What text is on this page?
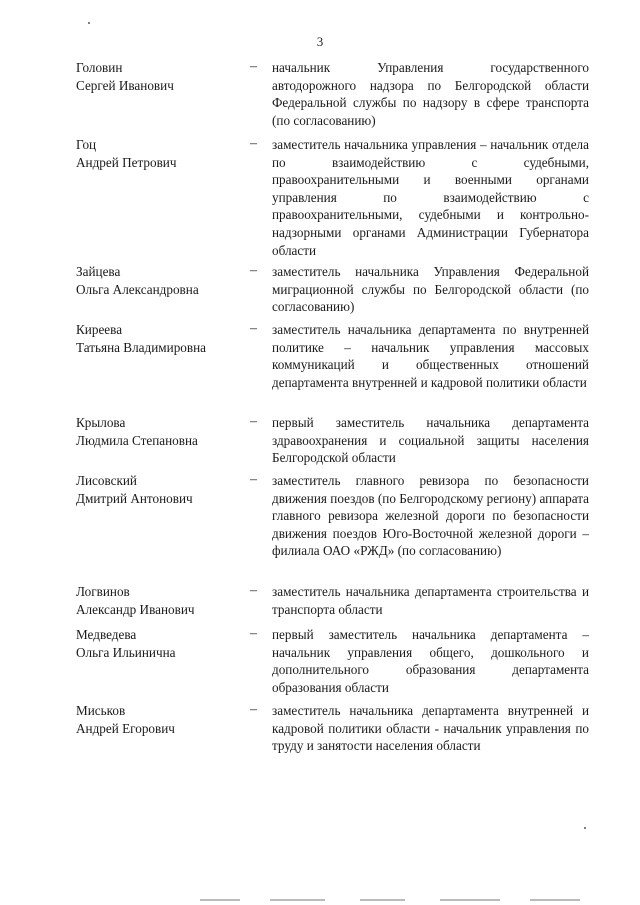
3
Головин
Сергей Иванович
–	начальник Управления государственного автодорожного надзора по Белгородской области Федеральной службы по надзору в сфере транспорта (по согласованию)
Гоц
Андрей Петрович
–	заместитель начальника управления – начальник отдела по взаимодействию с судебными, правоохранительными и военными органами управления по взаимодействию с правоохранительными, судебными и контрольно-надзорными органами Администрации Губернатора области
Зайцева
Ольга Александровна
–	заместитель начальника Управления Федеральной миграционной службы по Белгородской области (по согласованию)
Киреева
Татьяна Владимировна
–	заместитель начальника департамента по внутренней политике – начальник управления массовых коммуникаций и общественных отношений департамента внутренней и кадровой политики области
Крылова
Людмила Степановна
–	первый заместитель начальника департамента здравоохранения и социальной защиты населения Белгородской области
Лисовский
Дмитрий Антонович
–	заместитель главного ревизора по безопасности движения поездов (по Белгородскому региону) аппарата главного ревизора железной дороги по безопасности движения поездов Юго-Восточной железной дороги – филиала ОАО «РЖД» (по согласованию)
Логвинов
Александр Иванович
–	заместитель начальника департамента строительства и транспорта области
Медведева
Ольга Ильинична
–	первый заместитель начальника департамента – начальник управления общего, дошкольного и дополнительного образования департамента образования области
Миськов
Андрей Егорович
–	заместитель начальника департамента внутренней и кадровой политики области - начальник управления по труду и занятости населения области
